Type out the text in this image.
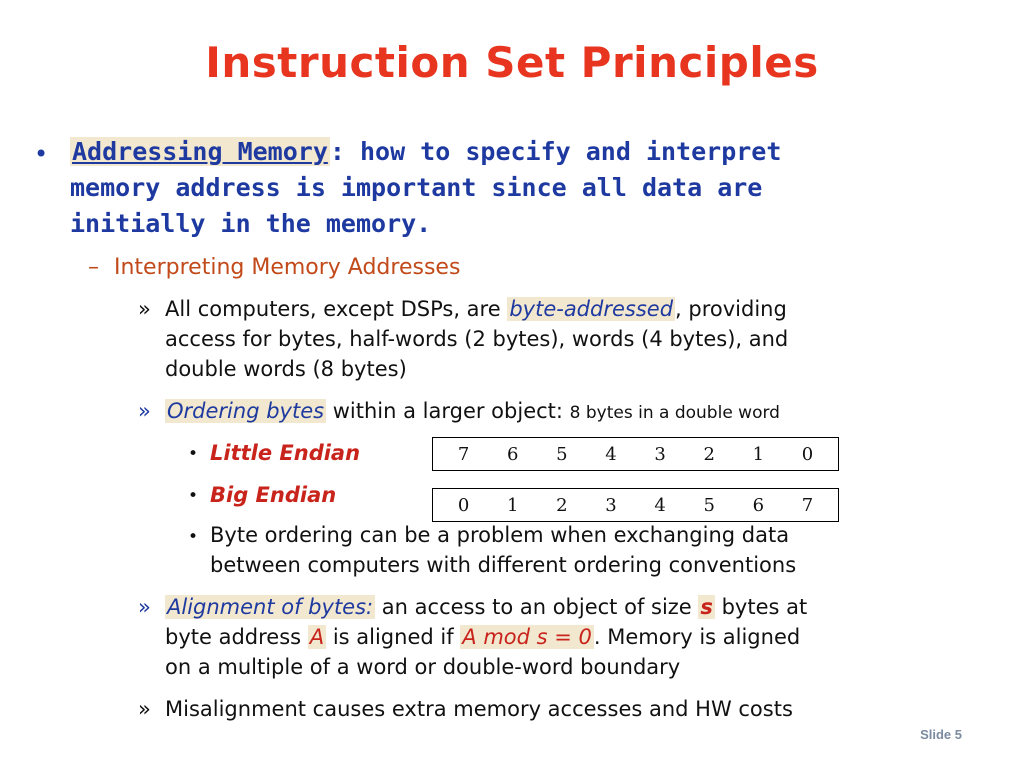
Instruction Set Principles
• Addressing Memory: how to specify and interpret
memory address is important since all data are
initially in the memory.
– Interpreting Memory Addresses
» All computers, except DSPs, are byte-addressed, providing
access for bytes, half-words (2 bytes), words (4 bytes), and
double words (8 bytes)
» Ordering bytes within a larger object: 8 bytes in a double word
• Little Endian	7	6	5	4	3	2	1	0
• Big Endian	0	1	2	3	4	5	6	7
• Byte ordering can be a problem when exchanging data
between computers with different ordering conventions
» Alignment of bytes: an access to an object of size s bytes at
byte address A is aligned if A mod s = 0. Memory is aligned
on a multiple of a word or double-word boundary
» Misalignment causes extra memory accesses and HW costs
Slide 5
